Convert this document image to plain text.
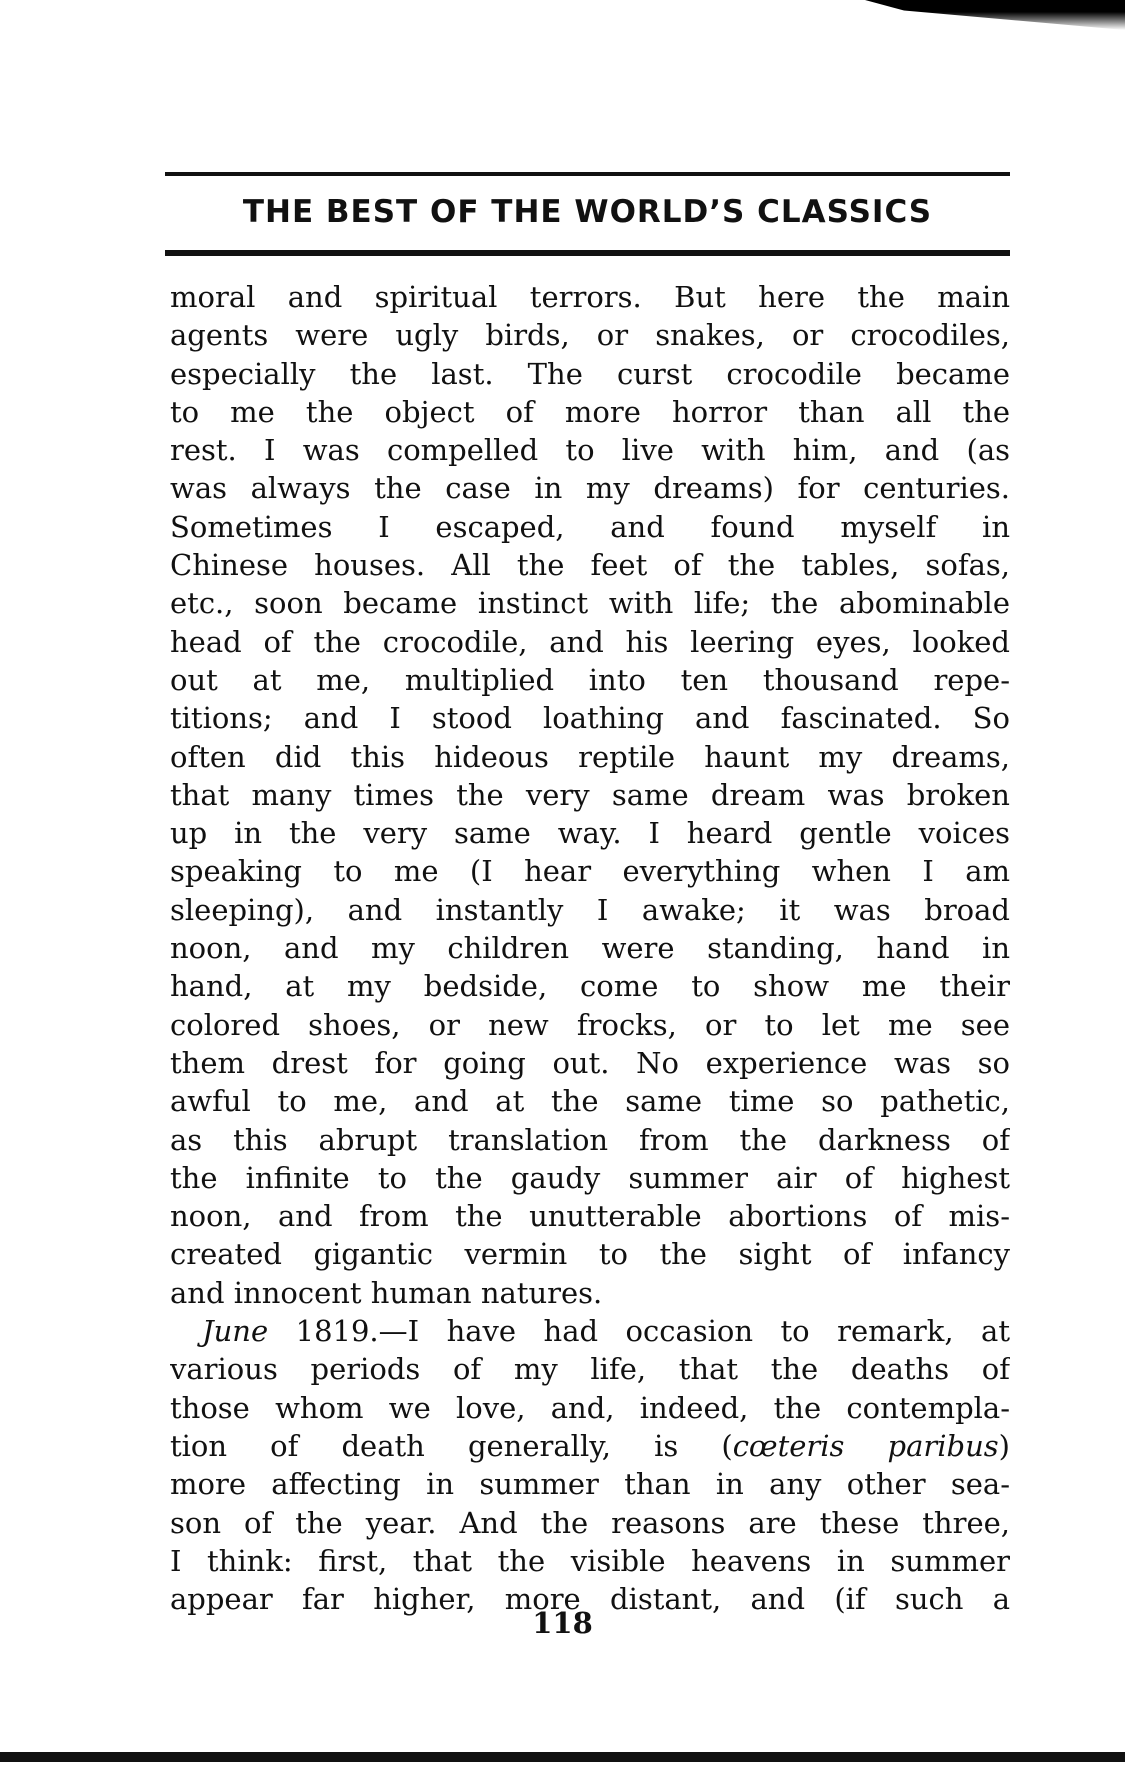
THE BEST OF THE WORLD’S CLASSICS
moral and spiritual terrors. But here the main
agents were ugly birds, or snakes, or crocodiles,
especially the last. The curst crocodile became
to me the object of more horror than all the
rest. I was compelled to live with him, and (as
was always the case in my dreams) for centuries.
Sometimes I escaped, and found myself in
Chinese houses. All the feet of the tables, sofas,
etc., soon became instinct with life; the abominable
head of the crocodile, and his leering eyes, looked
out at me, multiplied into ten thousand repe-
titions; and I stood loathing and fascinated. So
often did this hideous reptile haunt my dreams,
that many times the very same dream was broken
up in the very same way. I heard gentle voices
speaking to me (I hear everything when I am
sleeping), and instantly I awake; it was broad
noon, and my children were standing, hand in
hand, at my bedside, come to show me their
colored shoes, or new frocks, or to let me see
them drest for going out. No experience was so
awful to me, and at the same time so pathetic,
as this abrupt translation from the darkness of
the infinite to the gaudy summer air of highest
noon, and from the unutterable abortions of mis-
created gigantic vermin to the sight of infancy
and innocent human natures.
June 1819.—I have had occasion to remark, at
various periods of my life, that the deaths of
those whom we love, and, indeed, the contempla-
tion of death generally, is (cœteris paribus)
more affecting in summer than in any other sea-
son of the year. And the reasons are these three,
I think: first, that the visible heavens in summer
appear far higher, more distant, and (if such a
118
